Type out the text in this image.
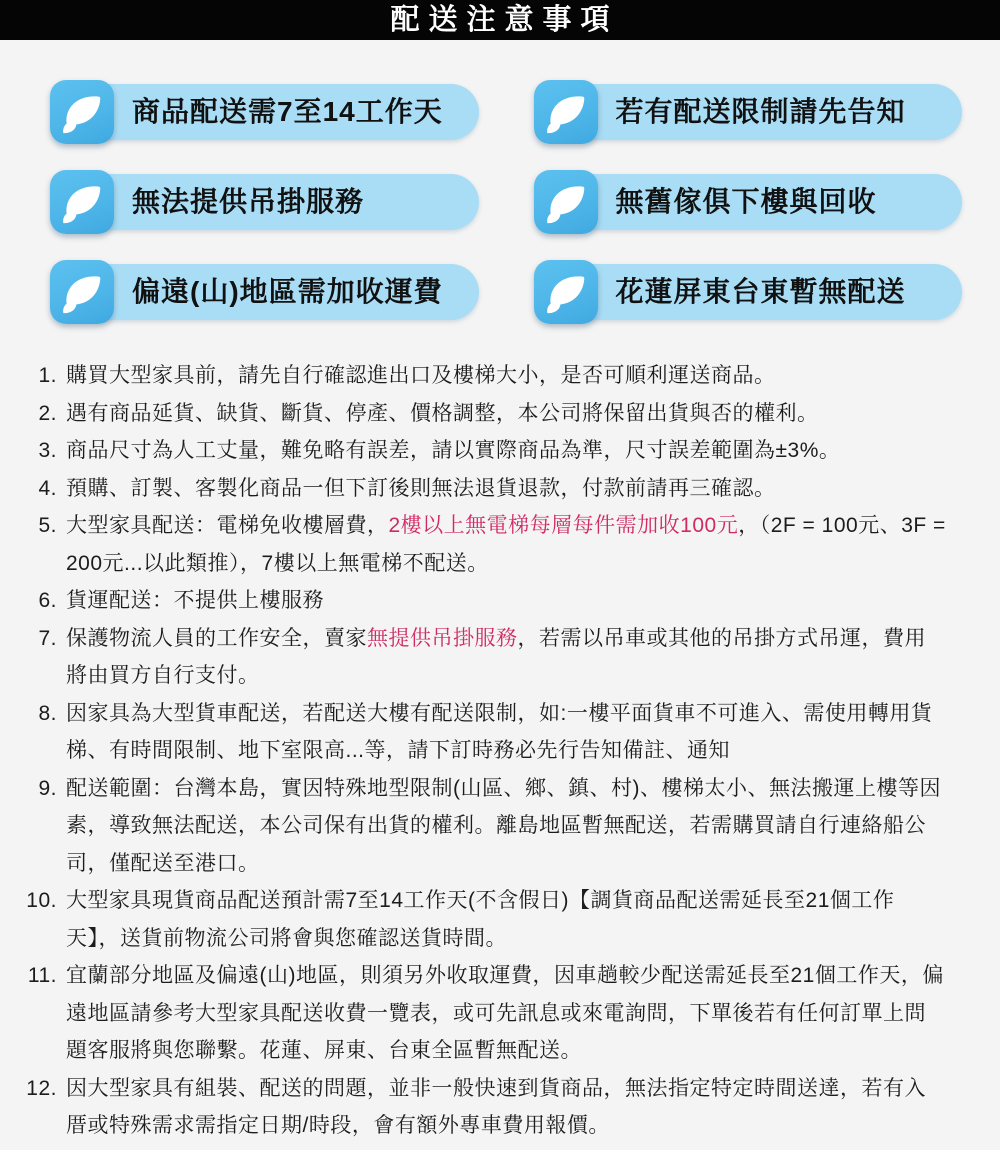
配送注意事項
商品配送需7至14工作天	若有配送限制請先告知
無法提供吊掛服務	無舊傢俱下樓與回收
偏遠(山)地區需加收運費	花蓮屏東台東暫無配送
1. 購買大型家具前，請先自行確認進出口及樓梯大小，是否可順利運送商品。
2. 遇有商品延貨、缺貨、斷貨、停產、價格調整，本公司將保留出貨與否的權利。
3. 商品尺寸為人工丈量，難免略有誤差，請以實際商品為準，尺寸誤差範圍為±3%。
4. 預購、訂製、客製化商品一但下訂後則無法退貨退款，付款前請再三確認。
5. 大型家具配送：電梯免收樓層費，2樓以上無電梯每層每件需加收100元，（2F = 100元、3F = 200元...以此類推），7樓以上無電梯不配送。
6. 貨運配送：不提供上樓服務
7. 保護物流人員的工作安全，賣家無提供吊掛服務，若需以吊車或其他的吊掛方式吊運，費用將由買方自行支付。
8. 因家具為大型貨車配送，若配送大樓有配送限制，如:一樓平面貨車不可進入、需使用轉用貨梯、有時間限制、地下室限高...等，請下訂時務必先行告知備註、通知
9. 配送範圍：台灣本島，實因特殊地型限制(山區、鄉、鎮、村)、樓梯太小、無法搬運上樓等因素，導致無法配送，本公司保有出貨的權利。離島地區暫無配送，若需購買請自行連絡船公司，僅配送至港口。
10. 大型家具現貨商品配送預計需7至14工作天(不含假日)【調貨商品配送需延長至21個工作天】，送貨前物流公司將會與您確認送貨時間。
11. 宜蘭部分地區及偏遠(山)地區，則須另外收取運費，因車趟較少配送需延長至21個工作天，偏遠地區請參考大型家具配送收費一覽表，或可先訊息或來電詢問，下單後若有任何訂單上問題客服將與您聯繫。花蓮、屏東、台東全區暫無配送。
12. 因大型家具有組裝、配送的問題，並非一般快速到貨商品，無法指定特定時間送達，若有入厝或特殊需求需指定日期/時段，會有額外專車費用報價。
